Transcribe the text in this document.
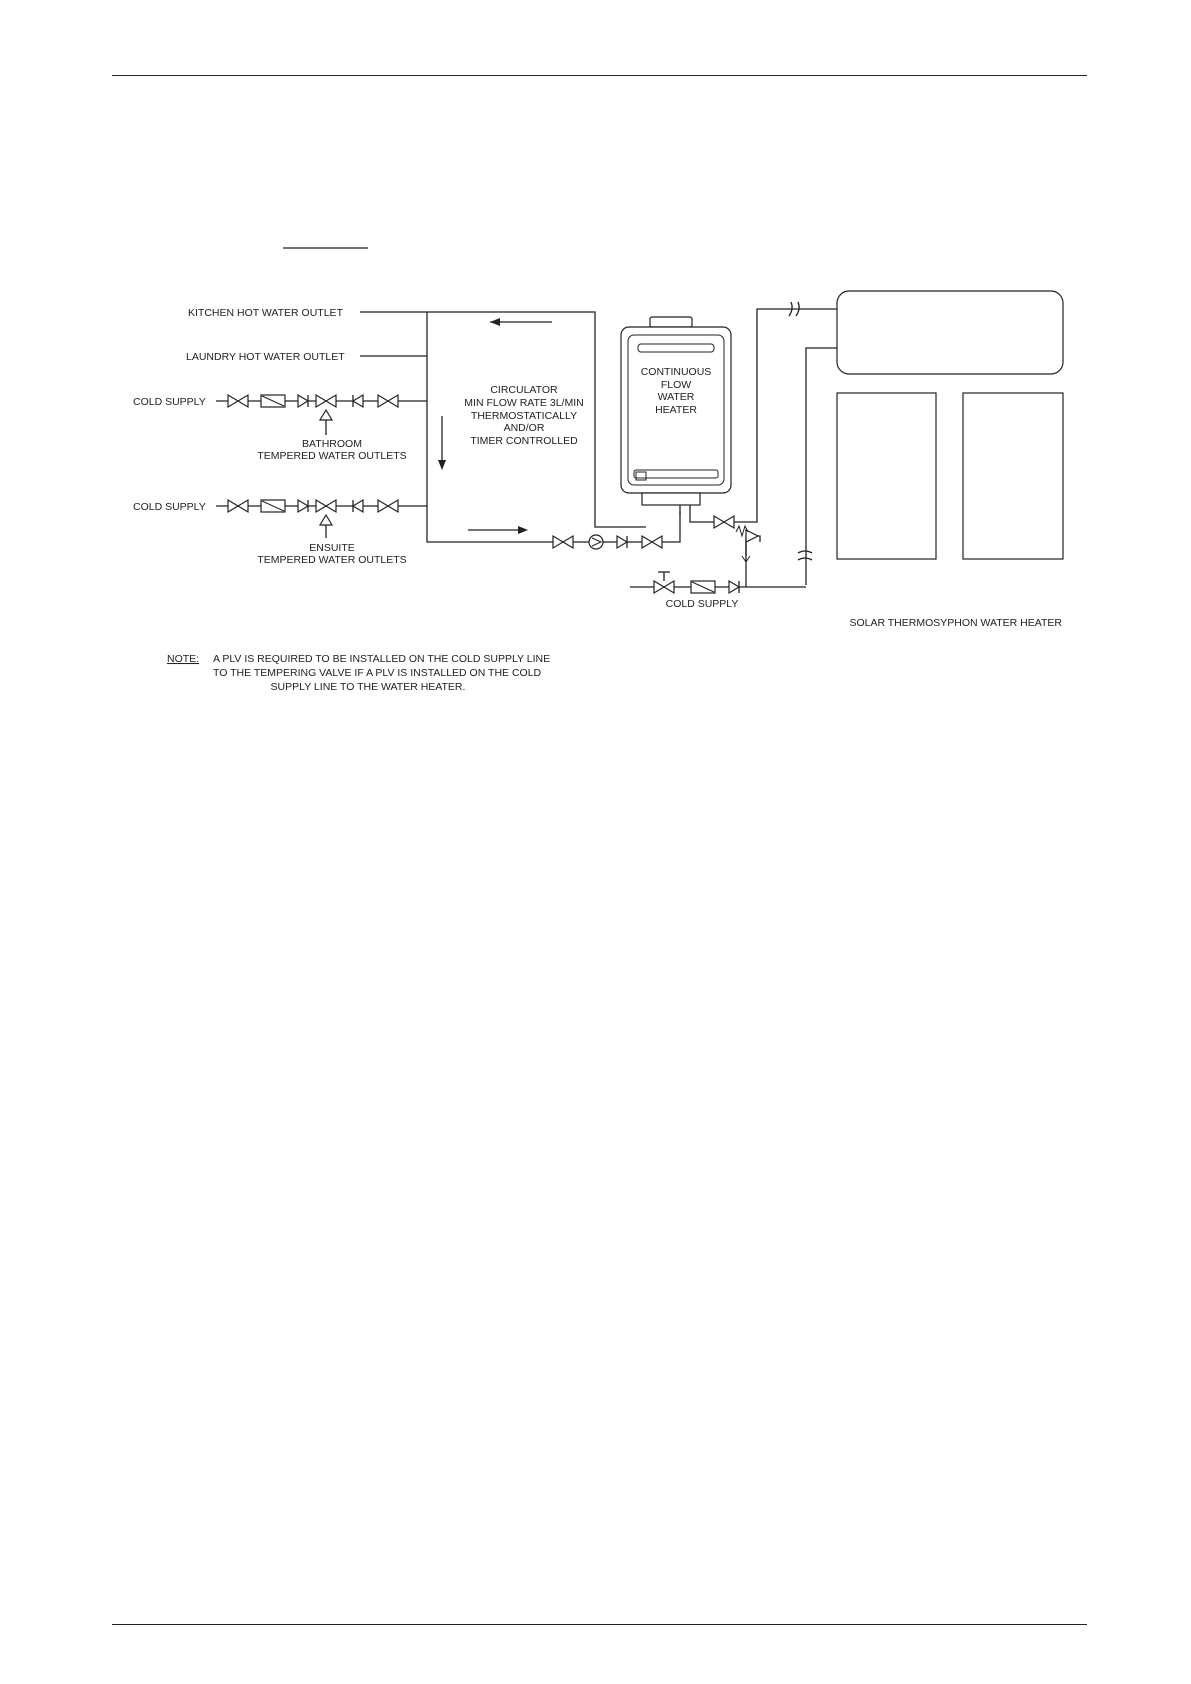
KITCHEN HOT WATER OUTLET
LAUNDRY HOT WATER OUTLET
COLD SUPPLY
BATHROOM
TEMPERED WATER OUTLETS
COLD SUPPLY
ENSUITE
TEMPERED WATER OUTLETS
CIRCULATOR
MIN FLOW RATE 3L/MIN
THERMOSTATICALLY
AND/OR
TIMER CONTROLLED
CONTINUOUS
FLOW
WATER
HEATER
COLD SUPPLY
SOLAR THERMOSYPHON WATER HEATER
NOTE: A PLV IS REQUIRED TO BE INSTALLED ON THE COLD SUPPLY LINE
TO THE TEMPERING VALVE IF A PLV IS INSTALLED ON THE COLD
SUPPLY LINE TO THE WATER HEATER.
